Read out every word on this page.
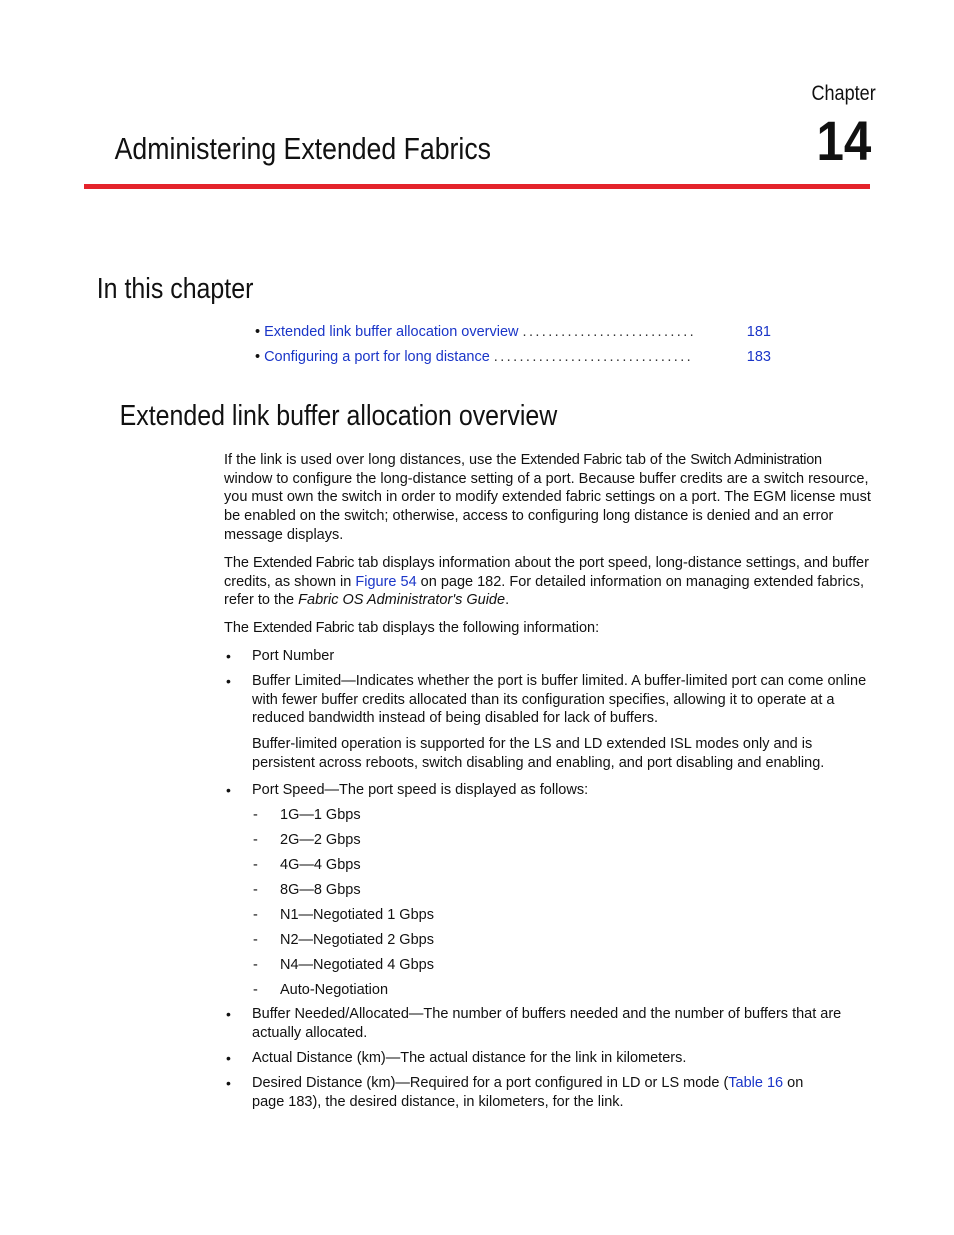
Chapter
14
Administering Extended Fabrics
In this chapter
• Extended link buffer allocation overview ...........................	181
• Configuring a port for long distance ...............................	183
Extended link buffer allocation overview
If the link is used over long distances, use the Extended Fabric tab of the Switch Administration window to configure the long-distance setting of a port. Because buffer credits are a switch resource, you must own the switch in order to modify extended fabric settings on a port. The EGM license must be enabled on the switch; otherwise, access to configuring long distance is denied and an error message displays.
The Extended Fabric tab displays information about the port speed, long-distance settings, and buffer credits, as shown in Figure 54 on page 182. For detailed information on managing extended fabrics, refer to the Fabric OS Administrator's Guide.
The Extended Fabric tab displays the following information:
• Port Number
• Buffer Limited—Indicates whether the port is buffer limited. A buffer-limited port can come online with fewer buffer credits allocated than its configuration specifies, allowing it to operate at a reduced bandwidth instead of being disabled for lack of buffers.
Buffer-limited operation is supported for the LS and LD extended ISL modes only and is persistent across reboots, switch disabling and enabling, and port disabling and enabling.
• Port Speed—The port speed is displayed as follows:
- 1G—1 Gbps
- 2G—2 Gbps
- 4G—4 Gbps
- 8G—8 Gbps
- N1—Negotiated 1 Gbps
- N2—Negotiated 2 Gbps
- N4—Negotiated 4 Gbps
- Auto-Negotiation
• Buffer Needed/Allocated—The number of buffers needed and the number of buffers that are actually allocated.
• Actual Distance (km)—The actual distance for the link in kilometers.
• Desired Distance (km)—Required for a port configured in LD or LS mode (Table 16 on page 183), the desired distance, in kilometers, for the link.
